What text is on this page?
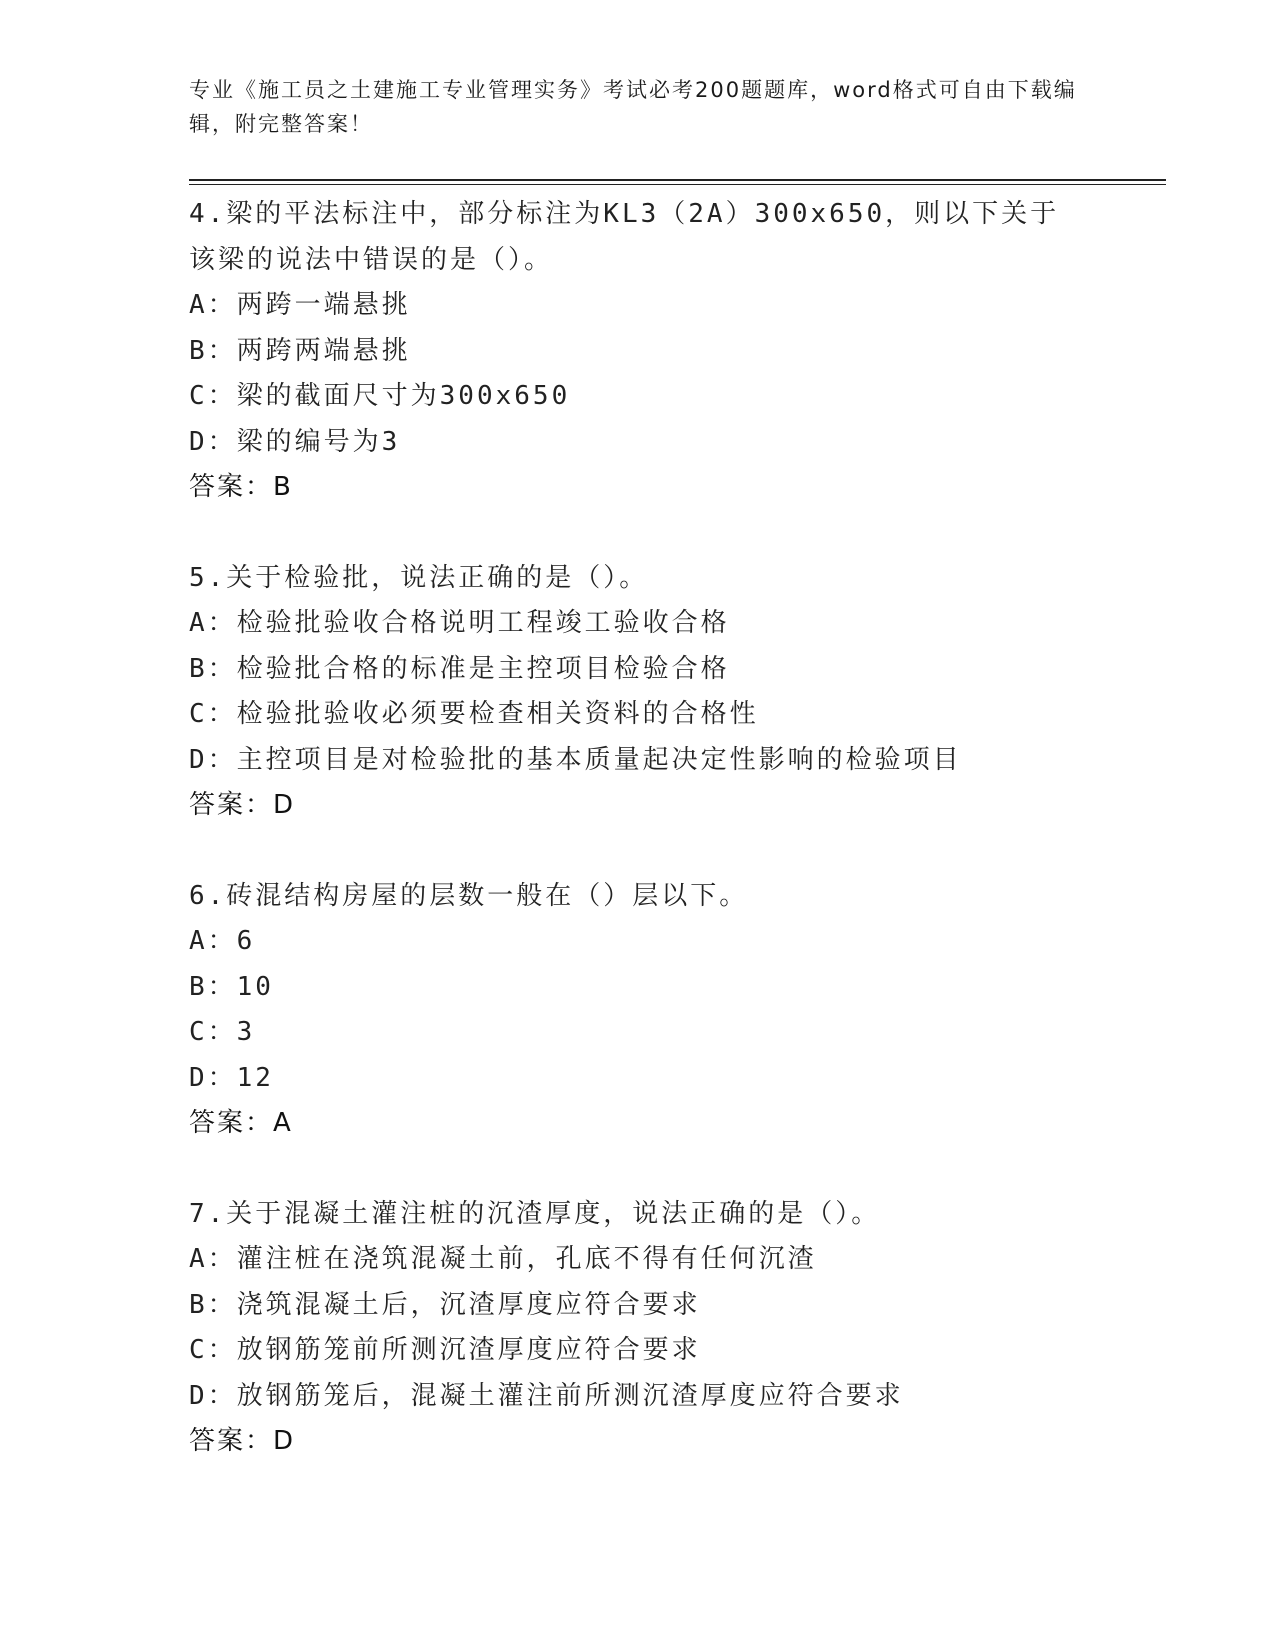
专业《施工员之土建施工专业管理实务》考试必考200题题库，word格式可自由下载编辑，附完整答案！
4.梁的平法标注中，部分标注为KL3（2A）300x650，则以下关于该梁的说法中错误的是（）。
A：两跨一端悬挑
B：两跨两端悬挑
C：梁的截面尺寸为300x650
D：梁的编号为3
答案：B
5.关于检验批，说法正确的是（）。
A：检验批验收合格说明工程竣工验收合格
B：检验批合格的标准是主控项目检验合格
C：检验批验收必须要检查相关资料的合格性
D：主控项目是对检验批的基本质量起决定性影响的检验项目
答案：D
6.砖混结构房屋的层数一般在（）层以下。
A：6
B：10
C：3
D：12
答案：A
7.关于混凝土灌注桩的沉渣厚度，说法正确的是（）。
A：灌注桩在浇筑混凝土前，孔底不得有任何沉渣
B：浇筑混凝土后，沉渣厚度应符合要求
C：放钢筋笼前所测沉渣厚度应符合要求
D：放钢筋笼后，混凝土灌注前所测沉渣厚度应符合要求
答案：D
